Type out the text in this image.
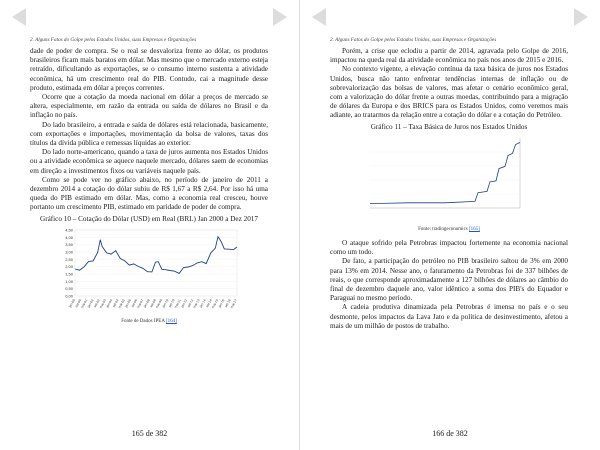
2. Alguns Fatos do Golpe pelos Estados Unidos, suas Empresas e Organizações

dade de poder de compra. Se o real se desvaloriza frente ao dólar, os produtos brasileiros ficam mais baratos em dólar. Mas mesmo que o mercado externo esteja retraído, dificultando as exportações, se o consumo interno sustenta a atividade econômica, há um crescimento real do PIB. Contudo, cai a magnitude desse produto, estimada em dólar a preços correntes.

Ocorre que a cotação da moeda nacional em dólar a preços de mercado se altera, especialmente, em razão da entrada ou saída de dólares no Brasil e da inflação no país.

Do lado brasileiro, a entrada e saída de dólares está relacionada, basicamente, com exportações e importações, movimentação da bolsa de valores, taxas dos títulos da dívida pública e remessas líquidas ao exterior.

Do lado norte-americano, quando a taxa de juros aumenta nos Estados Unidos ou a atividade econômica se aquece naquele mercado, dólares saem de economias em direção a investimentos fixos ou variáveis naquele país.

Como se pode ver no gráfico abaixo, no período de janeiro de 2011 a dezembro 2014 a cotação do dólar subiu de R$ 1,67 a R$ 2,64. Por isso há uma queda do PIB estimado em dólar. Mas, como a economia real cresceu, houve portanto um crescimento PIB, estimado em paridade de poder de compra.

Gráfico 10 – Cotação do Dólar (USD) em Real (BRL) Jan 2000 a Dez 2017
4,50
4,00
3,50
3,00
2,50
2,00
1,50
1,00
0,50
0,00
jan-00
set-00
mai-01
jan-02
set-02
mai-03
jan-04
set-04
mai-05
jan-06
set-06
mai-07
jan-08
set-08
mai-09
jan-10
set-10
mai-11
jan-12
set-12
mai-13
jan-14
set-14
mai-15
jan-16
set-16
mai-17
Fonte de Dados IPEA [164]
165 de 382
2. Alguns Fatos do Golpe pelos Estados Unidos, suas Empresas e Organizações

Porém, a crise que eclodiu a partir de 2014, agravada pelo Golpe de 2016, impactou na queda real da atividade econômica no país nos anos de 2015 e 2016.

No contexto vigente, a elevação contínua da taxa básica de juros nos Estados Unidos, busca não tanto enfrentar tendências internas de inflação ou de sobrevalorização das bolsas de valores, mas afetar o cenário econômico geral, com a valorização do dólar frente a outras moedas, contribuindo para a migração de dólares da Europa e dos BRICS para os Estados Unidos, como veremos mais adiante, ao tratarmos da relação entre a cotação do dólar e a cotação do Petróleo.

Gráfico 11 – Taxa Básica de Juros nos Estados Unidos
Fonte: tradingeconomics [165]

O ataque sofrido pela Petrobras impactou fortemente na economia nacional como um todo.

De fato, a participação do petróleo no PIB brasileiro saltou de 3% em 2000 para 13% em 2014. Nesse ano, o faturamento da Petrobras foi de 337 bilhões de reais, o que corresponde aproximadamente a 127 bilhões de dólares ao câmbio do final de dezembro daquele ano, valor idêntico a soma dos PIB's do Equador e Paraguai no mesmo período.

A cadeia produtiva dinamizada pela Petrobras é imensa no país e o seu desmonte, pelos impactos da Lava Jato e da política de desinvestimento, afetou a mais de um milhão de postos de trabalho.

166 de 382
